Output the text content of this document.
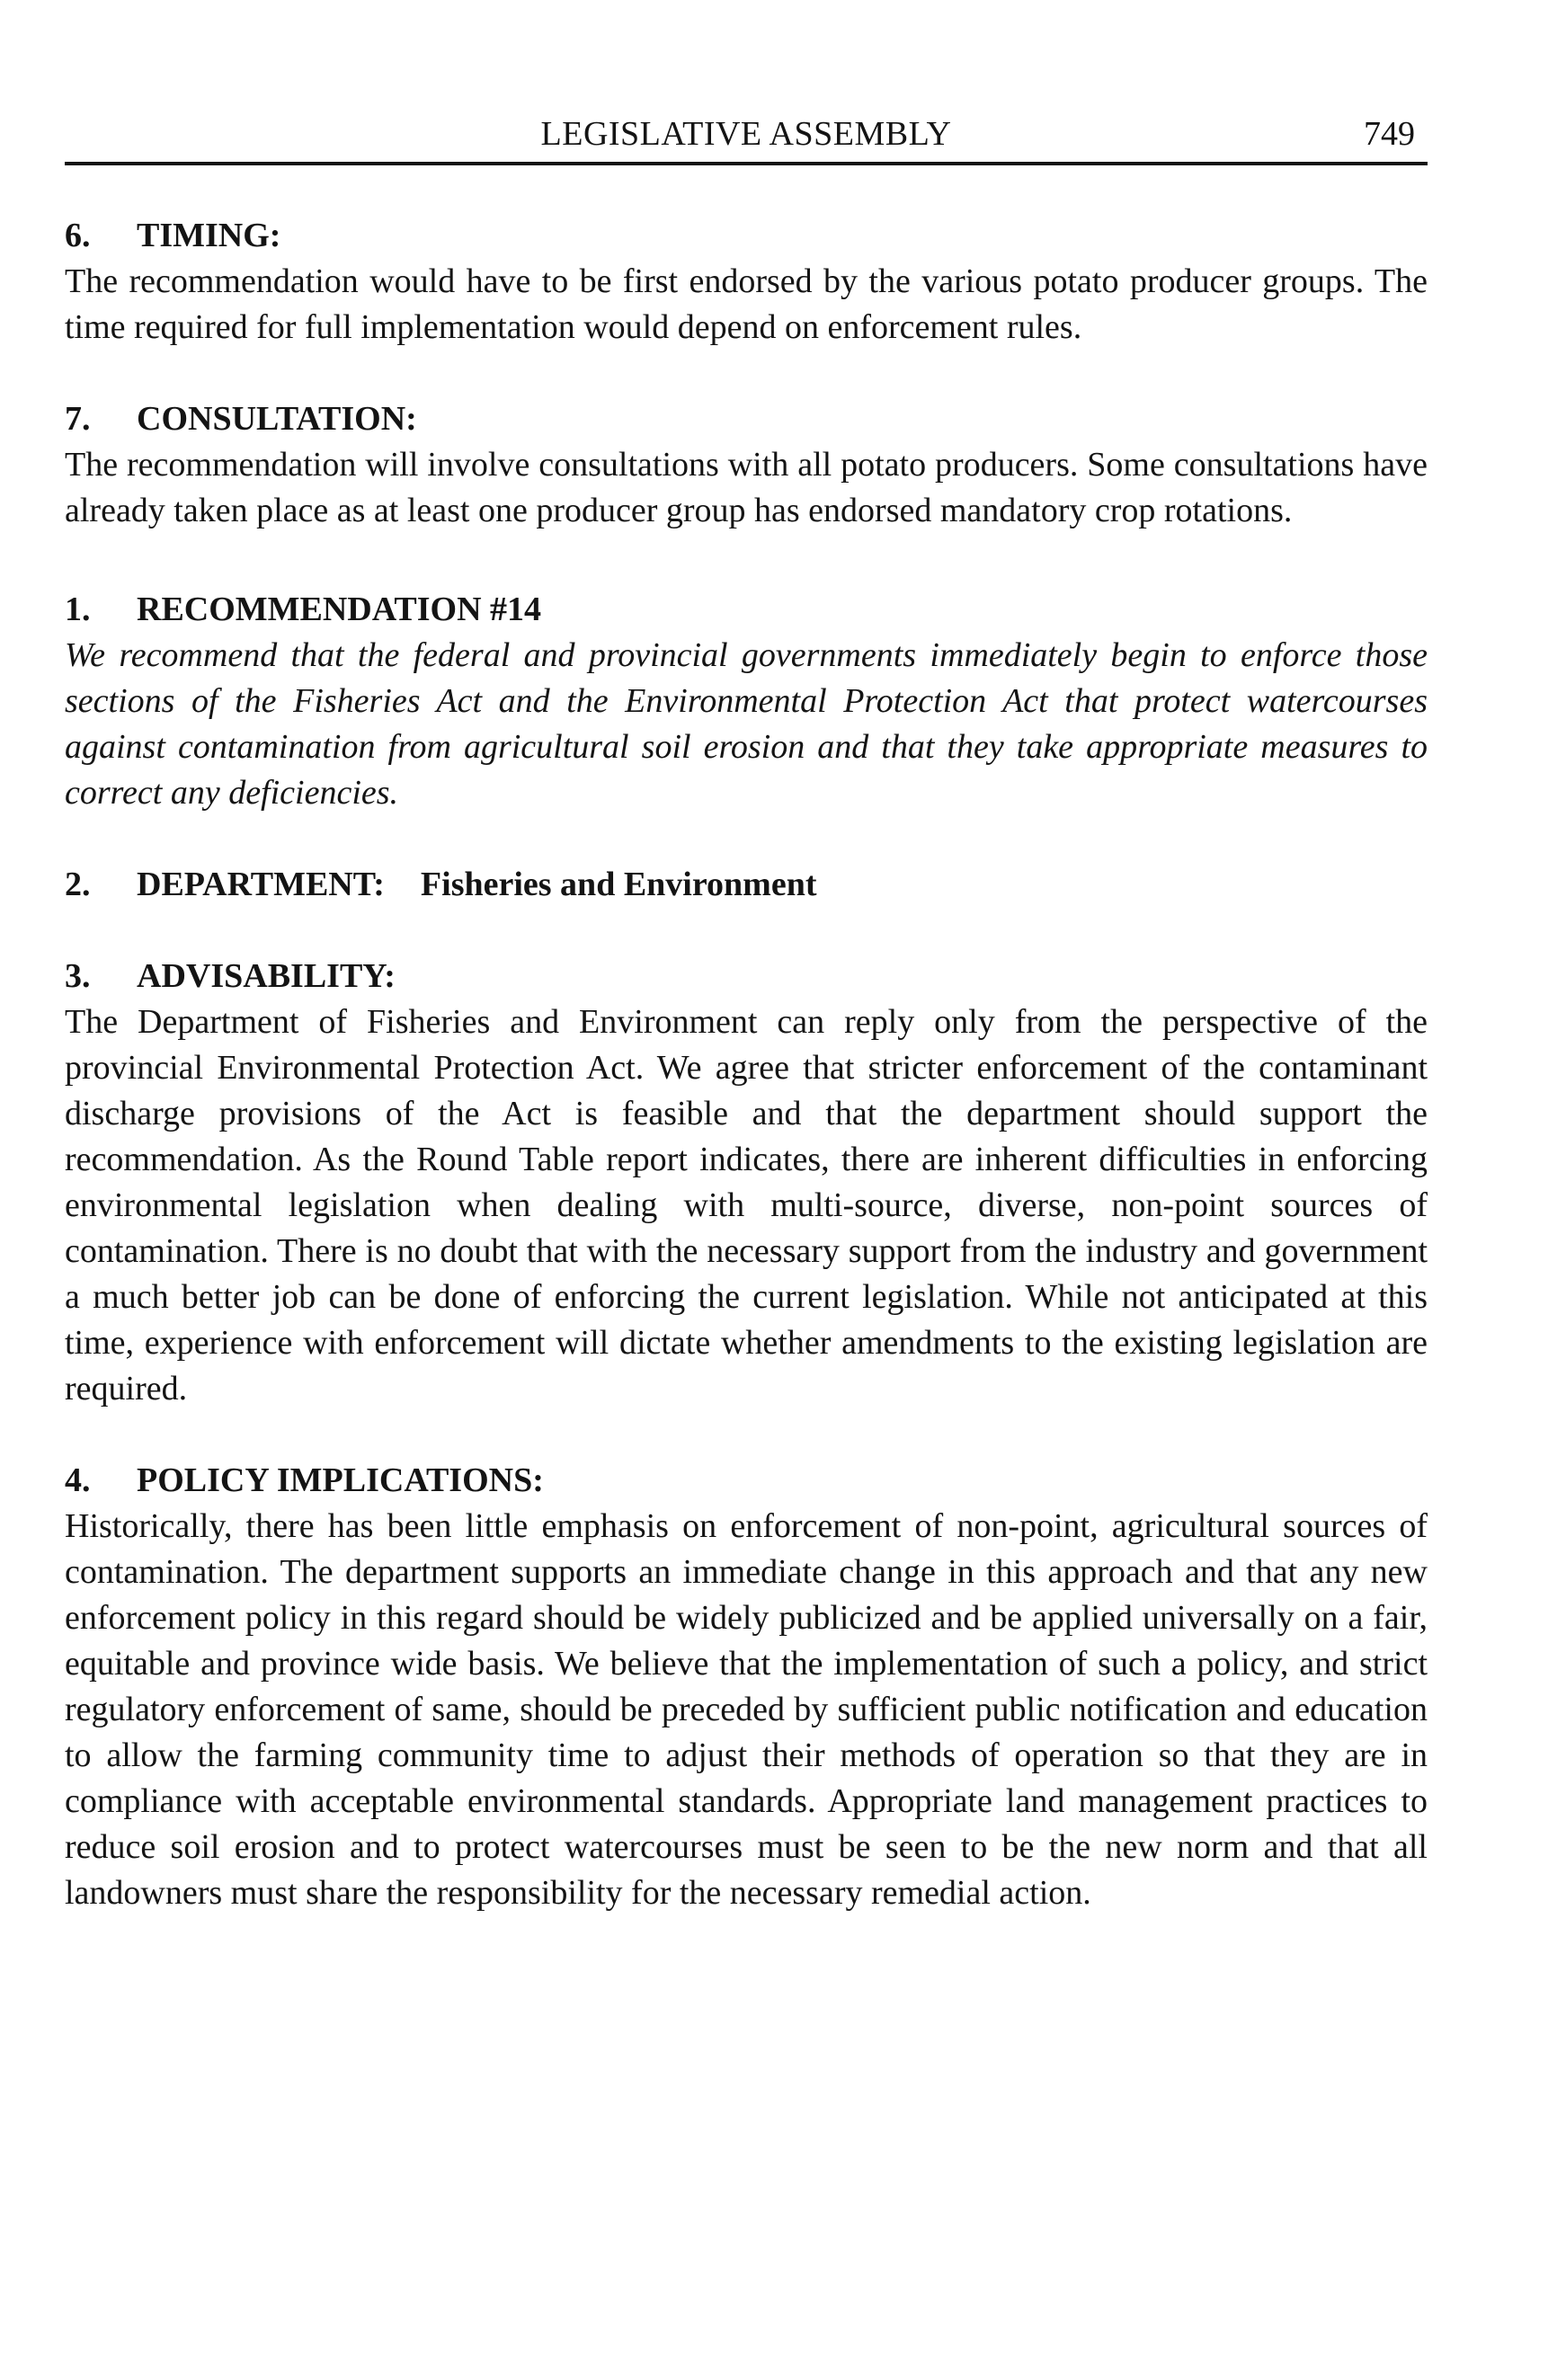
LEGISLATIVE ASSEMBLY	749

6. TIMING:

The recommendation would have to be first endorsed by the various potato producer groups. The time required for full implementation would depend on enforcement rules.

7. CONSULTATION:

The recommendation will involve consultations with all potato producers. Some consultations have already taken place as at least one producer group has endorsed mandatory crop rotations.

1. RECOMMENDATION #14

We recommend that the federal and provincial governments immediately begin to enforce those sections of the Fisheries Act and the Environmental Protection Act that protect watercourses against contamination from agricultural soil erosion and that they take appropriate measures to correct any deficiencies.

2. DEPARTMENT: Fisheries and Environment

3. ADVISABILITY:

The Department of Fisheries and Environment can reply only from the perspective of the provincial Environmental Protection Act. We agree that stricter enforcement of the contaminant discharge provisions of the Act is feasible and that the department should support the recommendation. As the Round Table report indicates, there are inherent difficulties in enforcing environmental legislation when dealing with multi-source, diverse, non-point sources of contamination. There is no doubt that with the necessary support from the industry and government a much better job can be done of enforcing the current legislation. While not anticipated at this time, experience with enforcement will dictate whether amendments to the existing legislation are required.

4. POLICY IMPLICATIONS:

Historically, there has been little emphasis on enforcement of non-point, agricultural sources of contamination. The department supports an immediate change in this approach and that any new enforcement policy in this regard should be widely publicized and be applied universally on a fair, equitable and province wide basis. We believe that the implementation of such a policy, and strict regulatory enforcement of same, should be preceded by sufficient public notification and education to allow the farming community time to adjust their methods of operation so that they are in compliance with acceptable environmental standards. Appropriate land management practices to reduce soil erosion and to protect watercourses must be seen to be the new norm and that all landowners must share the responsibility for the necessary remedial action.
